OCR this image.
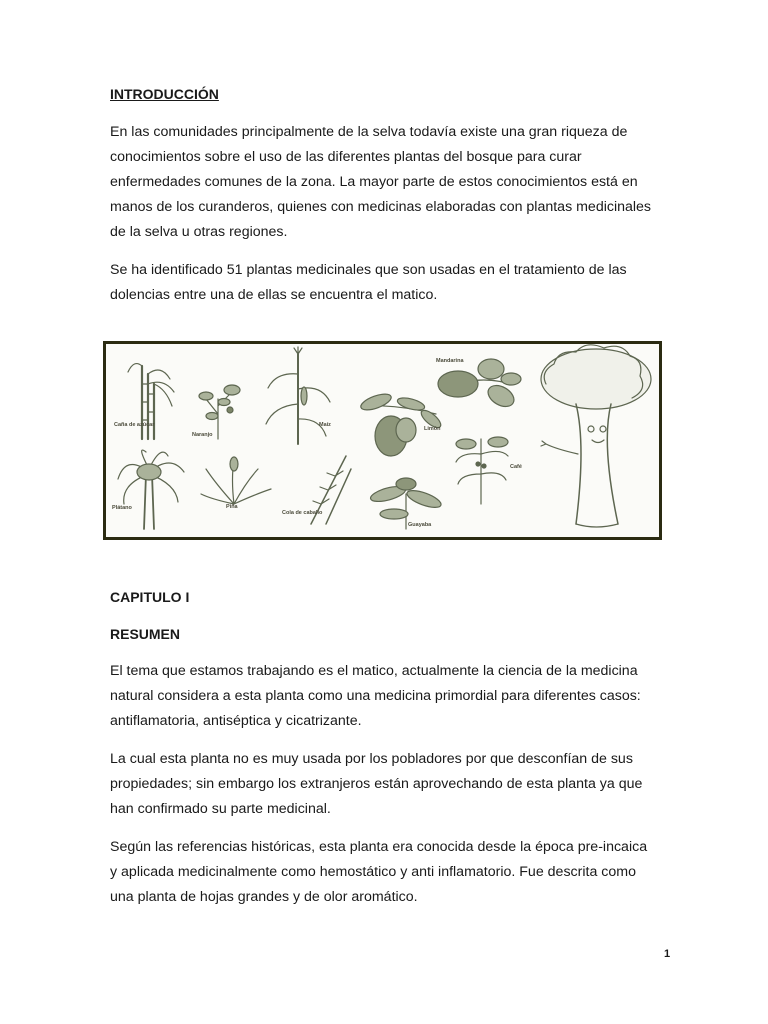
INTRODUCCIÓN

En las comunidades principalmente de la selva todavía existe una gran riqueza de conocimientos sobre el uso de las diferentes plantas del bosque para curar enfermedades comunes de la zona. La mayor parte de estos conocimientos está en manos de los curanderos, quienes con medicinas elaboradas con plantas medicinales de la selva u otras regiones.

Se ha identificado 51 plantas medicinales que son usadas en el tratamiento de las dolencias entre una de ellas se encuentra el matico.

CAPITULO I
RESUMEN

El tema que estamos trabajando es el matico, actualmente la ciencia de la medicina natural considera a esta planta como una medicina primordial para diferentes casos: antiflamatoria, antiséptica y cicatrizante.

La cual esta planta no es muy usada por los pobladores por que desconfían de sus propiedades; sin embargo los extranjeros están aprovechando de esta planta ya que han confirmado su parte medicinal.

Según las referencias históricas, esta planta era conocida desde la época pre-incaica y aplicada medicinalmente como hemostático y anti inflamatorio. Fue descrita como una planta de hojas grandes y de olor aromático.

Caña de azúcar
Naranjo
Maíz
Limón
Mandarina
Plátano	Piña
Cola de caballo
Guayaba
Café
1
